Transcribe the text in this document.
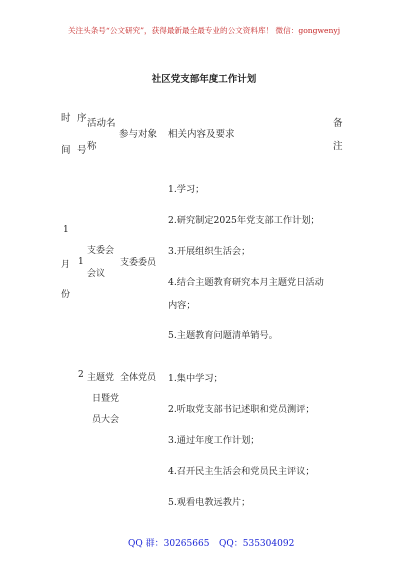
关注头条号“公文研究”，获得最新最全最专业的公文资料库！ 微信：gongwenyj
社区党支部年度工作计划
时
间
序
号
活动名
称
参与对象 相关内容及要求
备
注
1
月
份
1
支委会
会议
支委委员
1.学习；
2.研究制定2025年党支部工作计划；
3.开展组织生活会；
4.结合主题教育研究本月主题党日活动
内容；
5.主题教育问题清单销号。
2 主题党
日暨党
员大会
全体党员 1.集中学习；
2.听取党支部书记述职和党员测评；
3.通过年度工作计划；
4.召开民主生活会和党员民主评议；
5.观看电教远教片；
QQ 群：30265665 QQ：535304092
